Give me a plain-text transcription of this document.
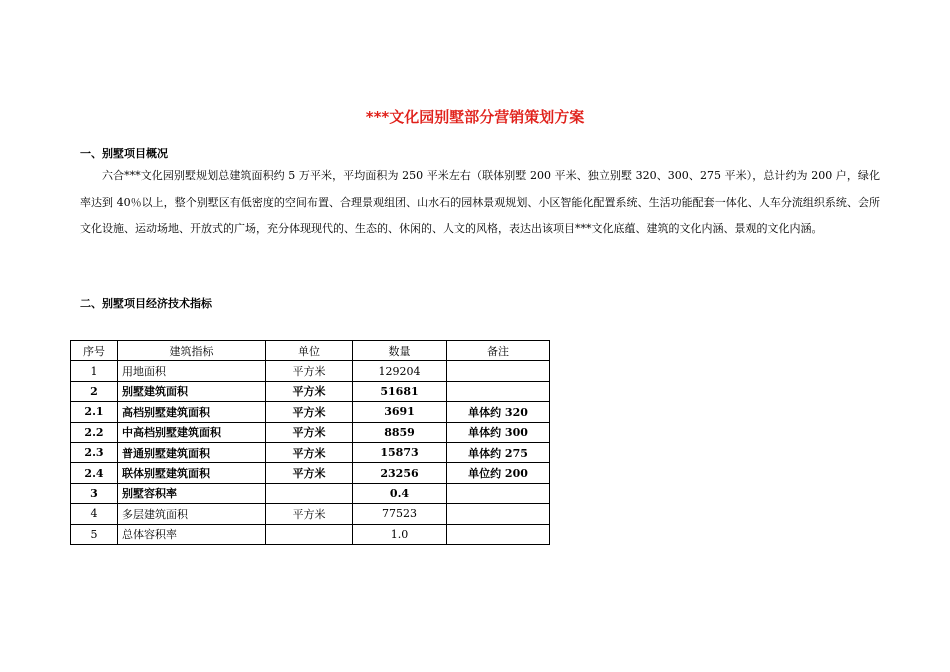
***文化园别墅部分营销策划方案
一、别墅项目概况
六合***文化园别墅规划总建筑面积约 5 万平米，平均面积为 250 平米左右（联体别墅 200 平米、独立别墅 320、300、275 平米），总计约为 200 户，绿化率达到 40％以上，整个别墅区有低密度的空间布置、合理景观组团、山水石的园林景观规划、小区智能化配置系统、生活功能配套一体化、人车分流组织系统、会所文化设施、运动场地、开放式的广场，充分体现现代的、生态的、休闲的、人文的风格，表达出该项目***文化底蕴、建筑的文化内涵、景观的文化内涵。
二、别墅项目经济技术指标
序号	建筑指标	单位	数量	备注
1	用地面积	平方米	129204	
2	别墅建筑面积	平方米	51681	
2.1	高档别墅建筑面积	平方米	3691	单体约 320
2.2	中高档别墅建筑面积	平方米	8859	单体约 300
2.3	普通别墅建筑面积	平方米	15873	单体约 275
2.4	联体别墅建筑面积	平方米	23256	单位约 200
3	别墅容积率		0.4	
4	多层建筑面积	平方米	77523	
5	总体容积率		1.0	
